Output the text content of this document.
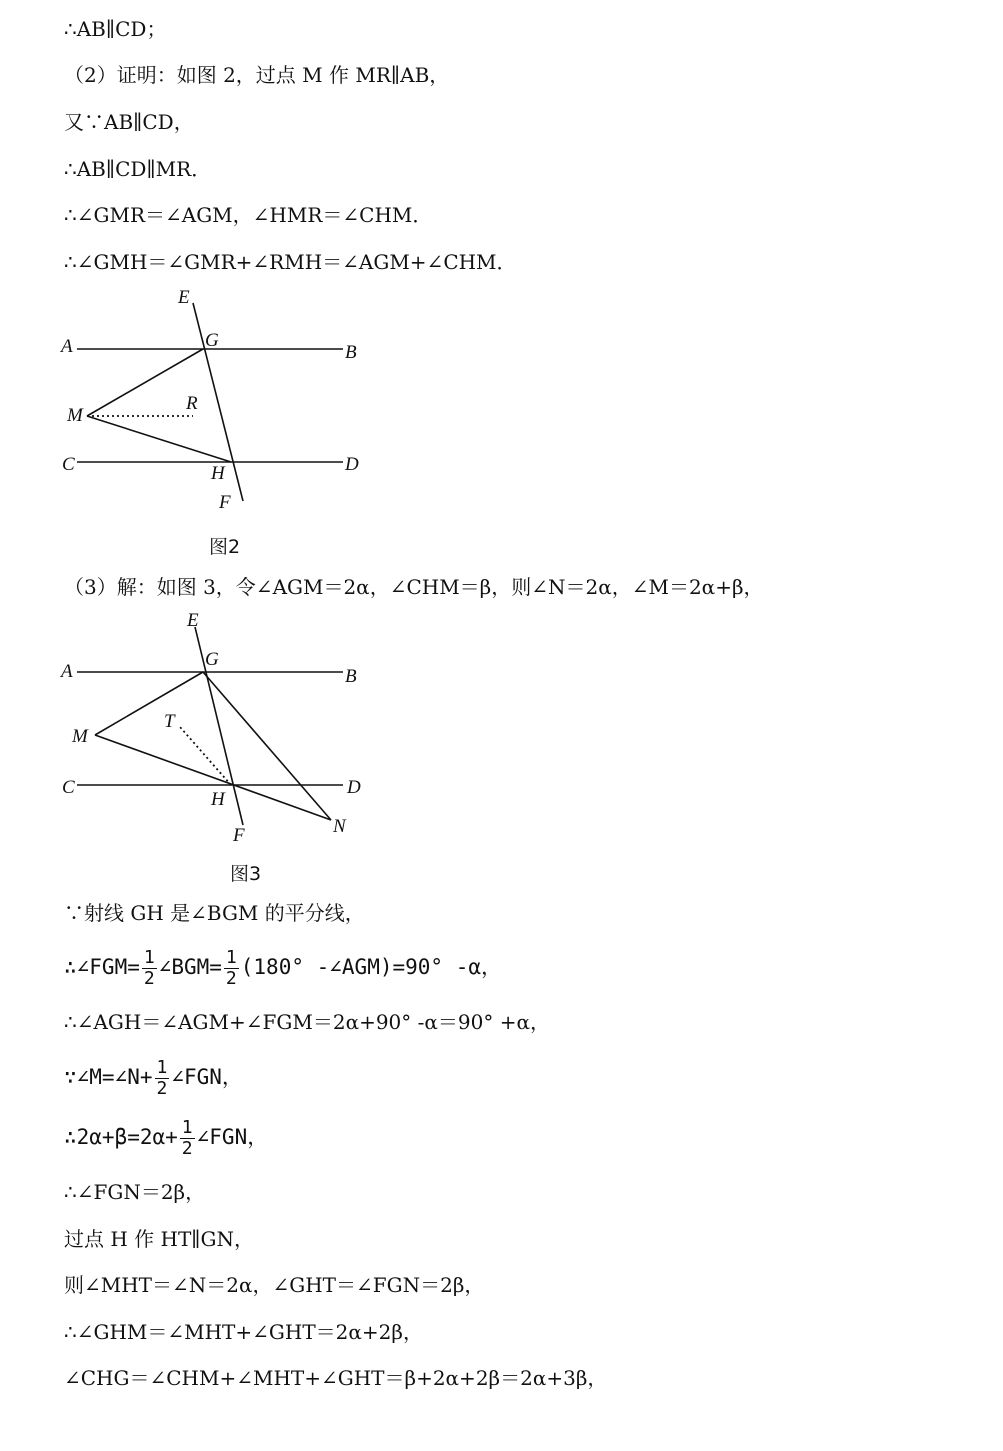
∴AB∥CD；
（2）证明：如图 2，过点 M 作 MR∥AB，
又∵AB∥CD，
∴AB∥CD∥MR．
∴∠GMR＝∠AGM，∠HMR＝∠CHM．
∴∠GMH＝∠GMR+∠RMH＝∠AGM+∠CHM．
E
G
A	B
M
R
C	D
H
F
图2
（3）解：如图 3，令∠AGM＝2α，∠CHM＝β，则∠N＝2α，∠M＝2α+β，
E
G
A	B
M
T
C	D
H
F	N
图3
∵射线 GH 是∠BGM 的平分线，
∴∠FGM= $\frac{1}{2}$ ∠BGM= $\frac{1}{2} (180^\circ$ -∠AGM)=90° -α，
∴∠AGH＝∠AGM+∠FGM＝2α+90° -α＝90° +α，
∵∠M=∠N+ $\frac{1}{2}$ ∠FGN，
∴2α+β=2α+ $\frac{1}{2}$ ∠FGN，
∴∠FGN＝2β，
过点 H 作 HT∥GN，
则∠MHT＝∠N＝2α，∠GHT＝∠FGN＝2β，
∴∠GHM＝∠MHT+∠GHT＝2α+2β，
∠CHG＝∠CHM+∠MHT+∠GHT＝β+2α+2β＝2α+3β，
